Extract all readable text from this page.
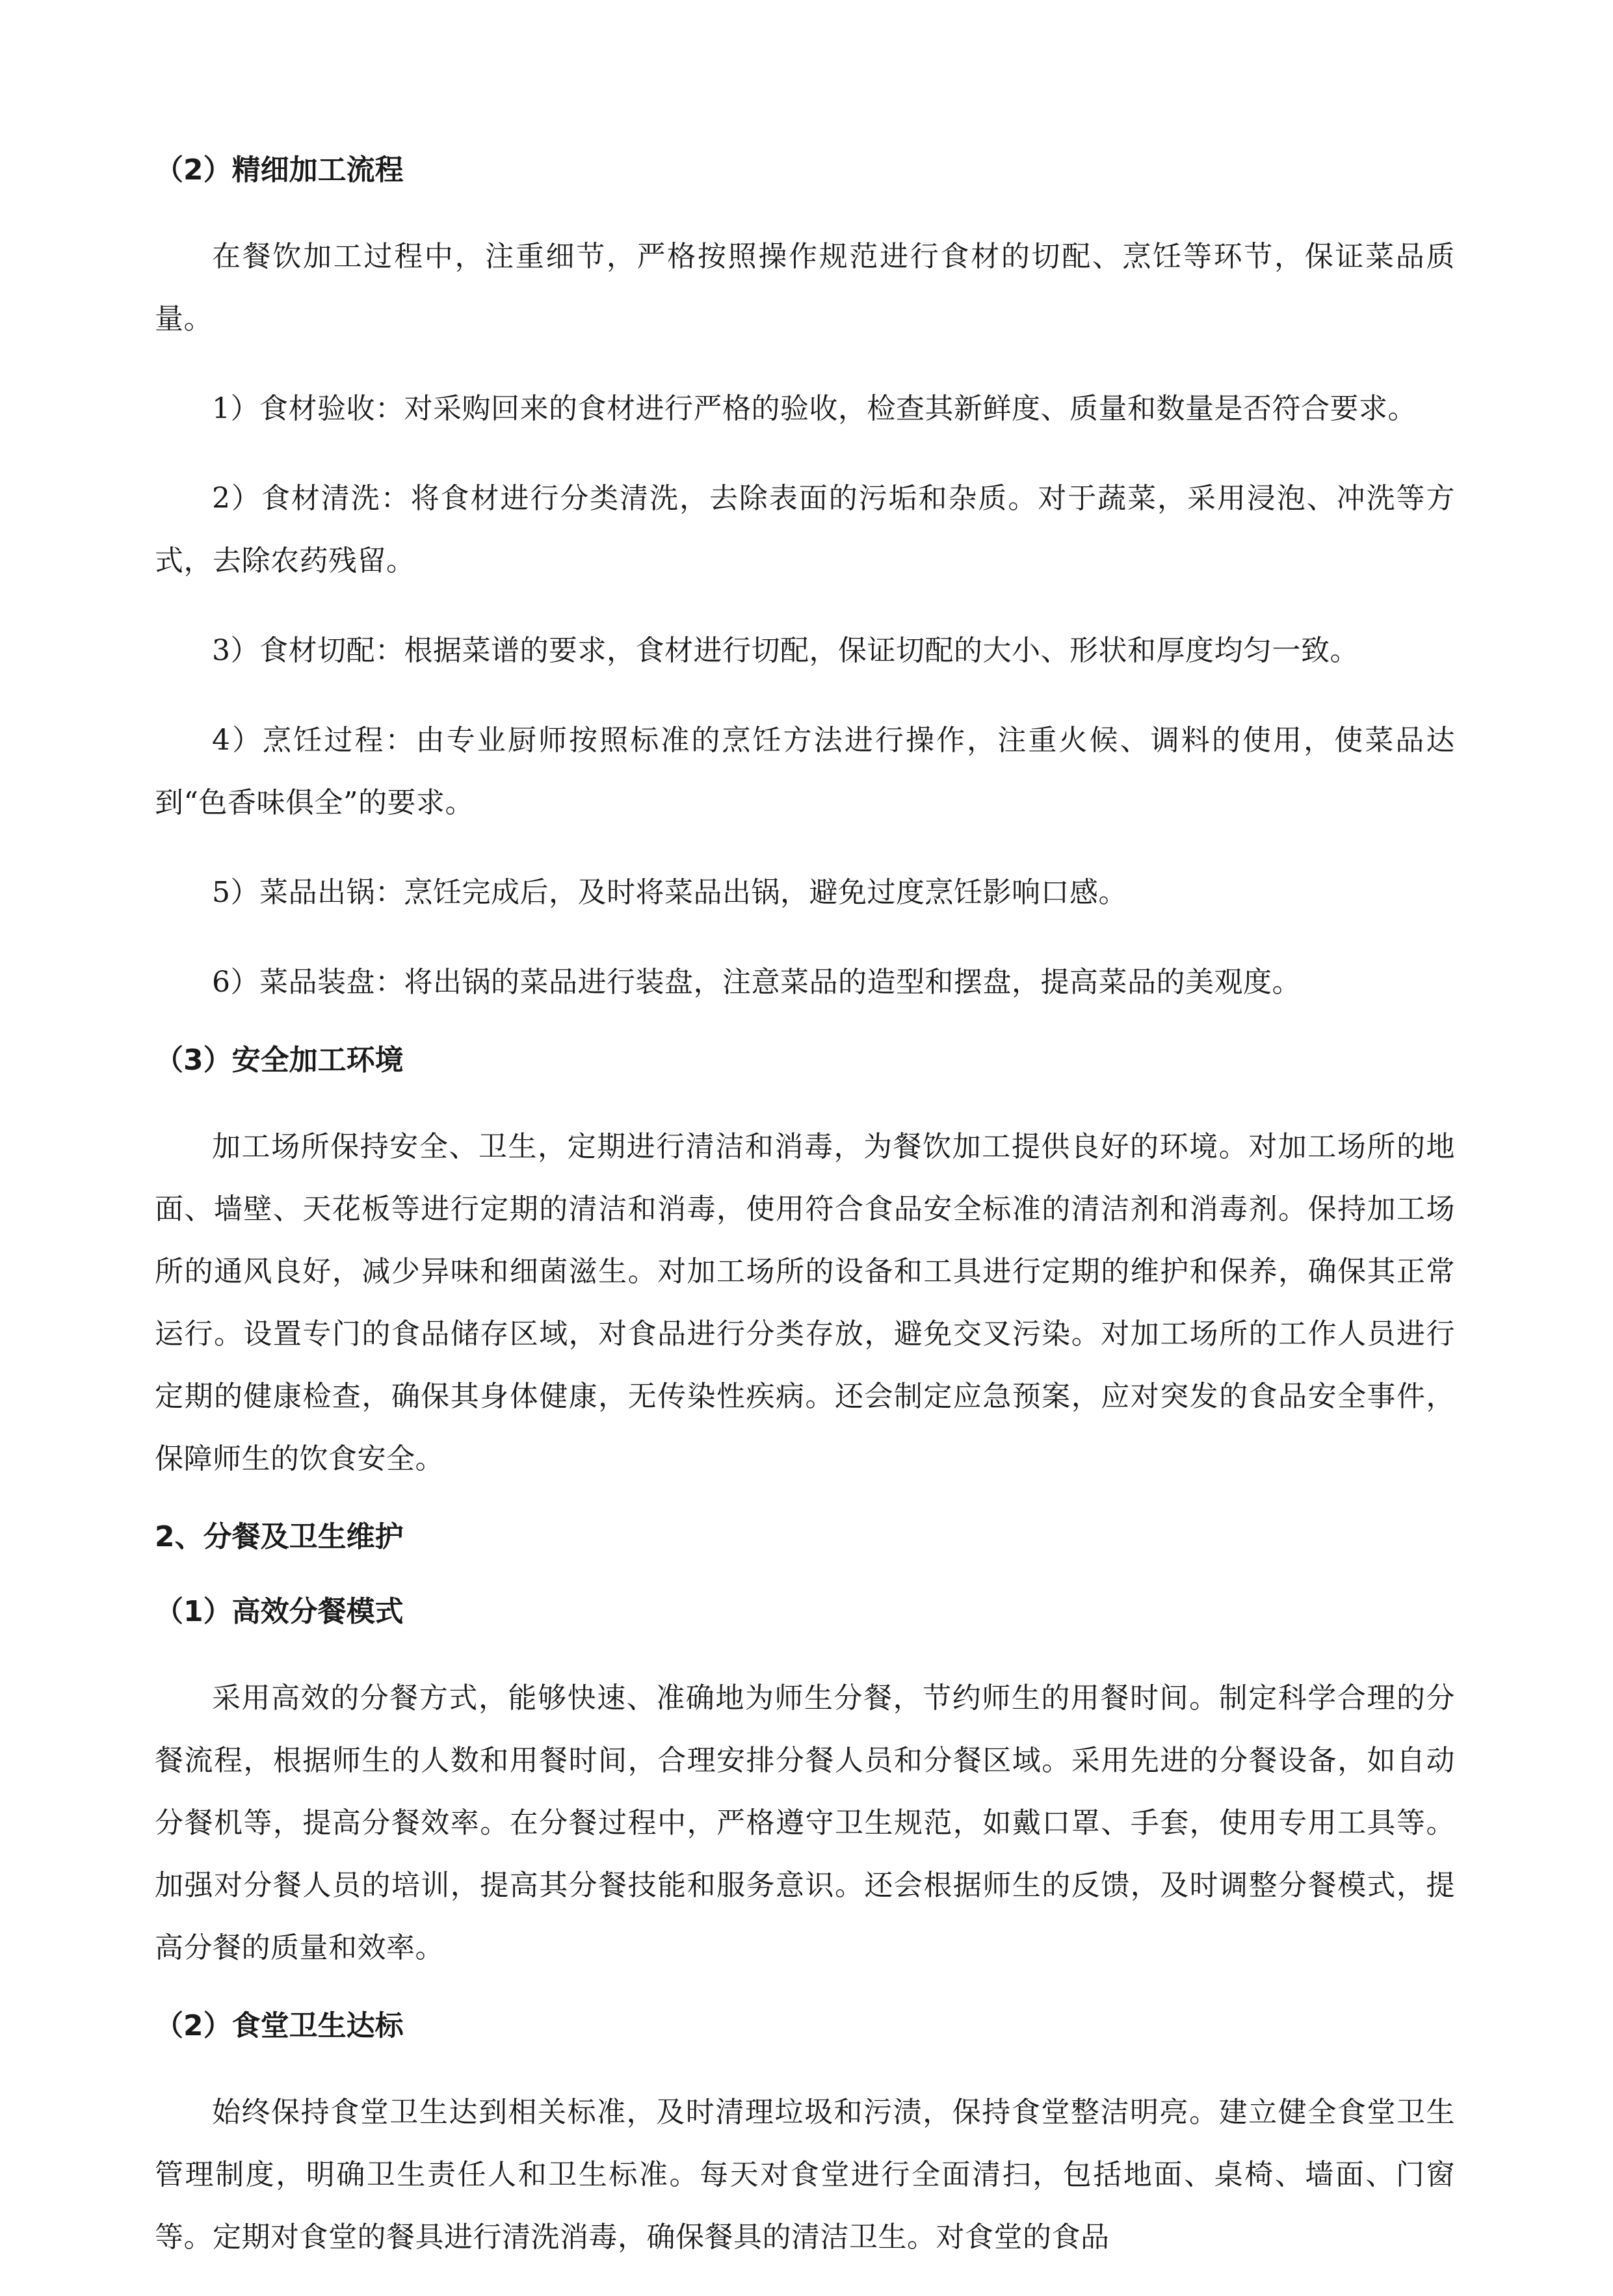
（2）精细加工流程
在餐饮加工过程中，注重细节，严格按照操作规范进行食材的切配、烹饪等环节，保证菜品质量。
1）食材验收：对采购回来的食材进行严格的验收，检查其新鲜度、质量和数量是否符合要求。
2）食材清洗：将食材进行分类清洗，去除表面的污垢和杂质。对于蔬菜，采用浸泡、冲洗等方式，去除农药残留。
3）食材切配：根据菜谱的要求，食材进行切配，保证切配的大小、形状和厚度均匀一致。
4）烹饪过程：由专业厨师按照标准的烹饪方法进行操作，注重火候、调料的使用，使菜品达到“色香味俱全”的要求。
5）菜品出锅：烹饪完成后，及时将菜品出锅，避免过度烹饪影响口感。
6）菜品装盘：将出锅的菜品进行装盘，注意菜品的造型和摆盘，提高菜品的美观度。
（3）安全加工环境
加工场所保持安全、卫生，定期进行清洁和消毒，为餐饮加工提供良好的环境。对加工场所的地面、墙壁、天花板等进行定期的清洁和消毒，使用符合食品安全标准的清洁剂和消毒剂。保持加工场所的通风良好，减少异味和细菌滋生。对加工场所的设备和工具进行定期的维护和保养，确保其正常运行。设置专门的食品储存区域，对食品进行分类存放，避免交叉污染。对加工场所的工作人员进行定期的健康检查，确保其身体健康，无传染性疾病。还会制定应急预案，应对突发的食品安全事件，保障师生的饮食安全。
2、分餐及卫生维护
（1）高效分餐模式
采用高效的分餐方式，能够快速、准确地为师生分餐，节约师生的用餐时间。制定科学合理的分餐流程，根据师生的人数和用餐时间，合理安排分餐人员和分餐区域。采用先进的分餐设备，如自动分餐机等，提高分餐效率。在分餐过程中，严格遵守卫生规范，如戴口罩、手套，使用专用工具等。加强对分餐人员的培训，提高其分餐技能和服务意识。还会根据师生的反馈，及时调整分餐模式，提高分餐的质量和效率。
（2）食堂卫生达标
始终保持食堂卫生达到相关标准，及时清理垃圾和污渍，保持食堂整洁明亮。建立健全食堂卫生管理制度，明确卫生责任人和卫生标准。每天对食堂进行全面清扫，包括地面、桌椅、墙面、门窗等。定期对食堂的餐具进行清洗消毒，确保餐具的清洁卫生。对食堂的食品
